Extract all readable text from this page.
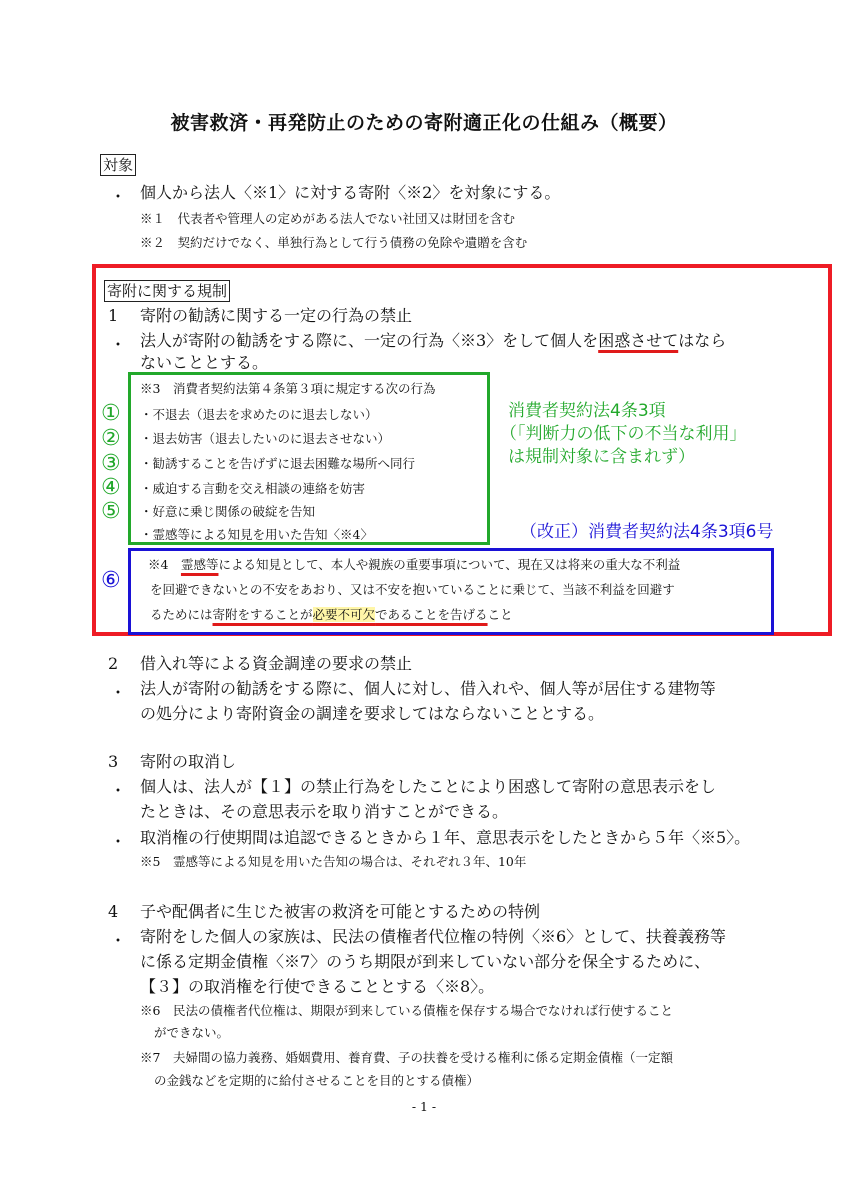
被害救済・再発防止のための寄附適正化の仕組み（概要）
対象
・ 個人から法人〈※1〉に対する寄附〈※2〉を対象にする。
※１　代表者や管理人の定めがある法人でない社団又は財団を含む
※２　契約だけでなく、単独行為として行う債務の免除や遺贈を含む
寄附に関する規制
1 寄附の勧誘に関する一定の行為の禁止
・ 法人が寄附の勧誘をする際に、一定の行為〈※3〉をして個人を困惑させてはなら
ないこととする。
※3　消費者契約法第４条第３項に規定する次の行為
・不退去（退去を求めたのに退去しない）
・退去妨害（退去したいのに退去させない）
・勧誘することを告げずに退去困難な場所へ同行
・威迫する言動を交え相談の連絡を妨害
・好意に乗じ関係の破綻を告知
・霊感等による知見を用いた告知〈※4〉
①
②
③
④
⑤
⑥
消費者契約法4条3項
（「判断力の低下の不当な利用」
は規制対象に含まれず）
（改正）消費者契約法4条3項6号
※4　霊感等による知見として、本人や親族の重要事項について、現在又は将来の重大な不利益
を回避できないとの不安をあおり、又は不安を抱いていることに乗じて、当該不利益を回避す
るためには寄附をすることが必要不可欠であることを告げること
2 借入れ等による資金調達の要求の禁止
・ 法人が寄附の勧誘をする際に、個人に対し、借入れや、個人等が居住する建物等
の処分により寄附資金の調達を要求してはならないこととする。
3 寄附の取消し
・ 個人は、法人が【１】の禁止行為をしたことにより困惑して寄附の意思表示をし
たときは、その意思表示を取り消すことができる。
・ 取消権の行使期間は追認できるときから１年、意思表示をしたときから５年〈※5〉。
※5　霊感等による知見を用いた告知の場合は、それぞれ３年、10年
4 子や配偶者に生じた被害の救済を可能とするための特例
・ 寄附をした個人の家族は、民法の債権者代位権の特例〈※6〉として、扶養義務等
に係る定期金債権〈※7〉のうち期限が到来していない部分を保全するために、
【３】の取消権を行使できることとする〈※8〉。
※6　民法の債権者代位権は、期限が到来している債権を保存する場合でなければ行使すること
ができない。
※7　夫婦間の協力義務、婚姻費用、養育費、子の扶養を受ける権利に係る定期金債権（一定額
の金銭などを定期的に給付させることを目的とする債権）
- 1 -
